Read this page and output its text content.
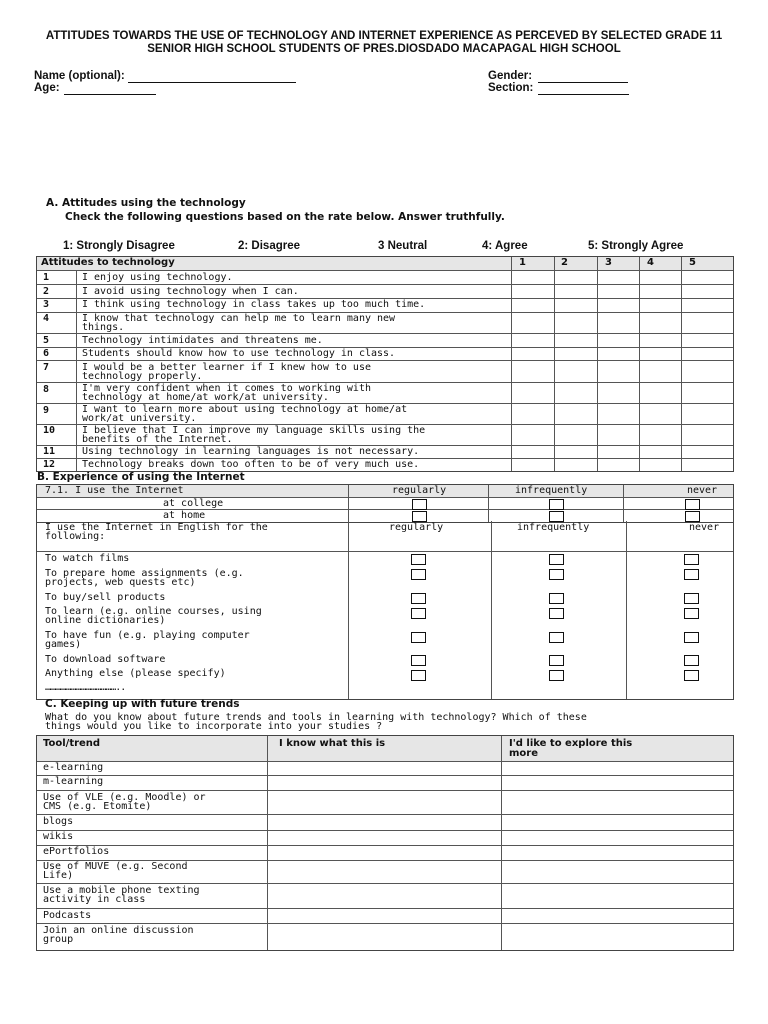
ATTITUDES TOWARDS THE USE OF TECHNOLOGY AND INTERNET EXPERIENCE AS PERCEVED BY SELECTED GRADE 11
SENIOR HIGH SCHOOL STUDENTS OF PRES.DIOSDADO MACAPAGAL HIGH SCHOOL
Name (optional):
Age:
Gender:
Section:
A. Attitudes using the technology
Check the following questions based on the rate below. Answer truthfully.
1: Strongly Disagree	2: Disagree	3 Neutral	4: Agree	5: Strongly Agree
Attitudes to technology	1	2	3	4	5
1	I enjoy using technology.
2	I avoid using technology when I can.
3	I think using technology in class takes up too much time.
4	I know that technology can help me to learn many new
things.
5	Technology intimidates and threatens me.
6	Students should know how to use technology in class.
7	I would be a better learner if I knew how to use
technology properly.
8	I'm very confident when it comes to working with
technology at home/at work/at university.
9	I want to learn more about using technology at home/at
work/at university.
10	I believe that I can improve my language skills using the
benefits of the Internet.
11	Using technology in learning languages is not necessary.
12	Technology breaks down too often to be of very much use.
B. Experience of using the Internet
7.1. I use the Internet	regularly	infrequently	never
at college
at home
I use the Internet in English for the
following:
regularly	infrequently	never
To watch films
To prepare home assignments (e.g.
projects, web quests etc)
To buy/sell products
To learn (e.g. online courses, using
online dictionaries)
To have fun (e.g. playing computer
games)
To download software
Anything else (please specify)
……………………………………..
C. Keeping up with future trends
What do you know about future trends and tools in learning with technology? Which of these
things would you like to incorporate into your studies ?
Tool/trend	I know what this is	I'd like to explore this
more
e-learning
m-learning
Use of VLE (e.g. Moodle) or
CMS (e.g. Etomite)
blogs
wikis
ePortfolios
Use of MUVE (e.g. Second
Life)
Use a mobile phone texting
activity in class
Podcasts
Join an online discussion
group
